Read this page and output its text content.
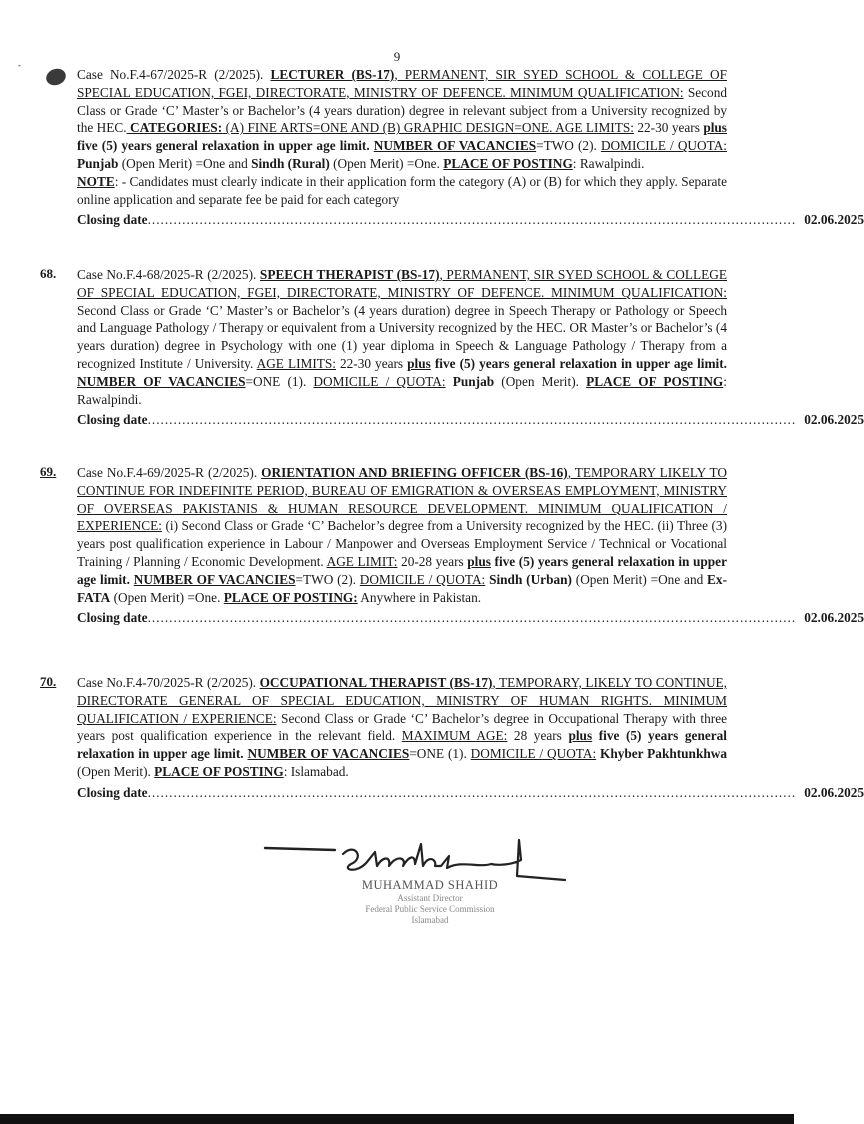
9
-
Case No.F.4-67/2025-R (2/2025). LECTURER (BS-17), PERMANENT, SIR SYED SCHOOL & COLLEGE OF SPECIAL EDUCATION, FGEI, DIRECTORATE, MINISTRY OF DEFENCE. MINIMUM QUALIFICATION: Second Class or Grade ‘C’ Master’s or Bachelor’s (4 years duration) degree in relevant subject from a University recognized by the HEC. CATEGORIES: (A) FINE ARTS=ONE AND (B) GRAPHIC DESIGN=ONE. AGE LIMITS: 22-30 years plus five (5) years general relaxation in upper age limit. NUMBER OF VACANCIES=TWO (2). DOMICILE / QUOTA: Punjab (Open Merit) =One and Sindh (Rural) (Open Merit) =One. PLACE OF POSTING: Rawalpindi.
NOTE: - Candidates must clearly indicate in their application form the category (A) or (B) for which they apply. Separate online application and separate fee be paid for each category
Closing date ...................................................................................................................................................... 02.06.2025
68.	Case No.F.4-68/2025-R (2/2025). SPEECH THERAPIST (BS-17), PERMANENT, SIR SYED SCHOOL & COLLEGE OF SPECIAL EDUCATION, FGEI, DIRECTORATE, MINISTRY OF DEFENCE. MINIMUM QUALIFICATION: Second Class or Grade ‘C’ Master’s or Bachelor’s (4 years duration) degree in Speech Therapy or Pathology or Speech and Language Pathology / Therapy or equivalent from a University recognized by the HEC. OR Master’s or Bachelor’s (4 years duration) degree in Psychology with one (1) year diploma in Speech & Language Pathology / Therapy from a recognized Institute / University. AGE LIMITS: 22-30 years plus five (5) years general relaxation in upper age limit. NUMBER OF VACANCIES=ONE (1). DOMICILE / QUOTA: Punjab (Open Merit). PLACE OF POSTING: Rawalpindi.
Closing date ...................................................................................................................................................... 02.06.2025
69.	Case No.F.4-69/2025-R (2/2025). ORIENTATION AND BRIEFING OFFICER (BS-16), TEMPORARY LIKELY TO CONTINUE FOR INDEFINITE PERIOD, BUREAU OF EMIGRATION & OVERSEAS EMPLOYMENT, MINISTRY OF OVERSEAS PAKISTANIS & HUMAN RESOURCE DEVELOPMENT. MINIMUM QUALIFICATION / EXPERIENCE: (i) Second Class or Grade ‘C’ Bachelor’s degree from a University recognized by the HEC. (ii) Three (3) years post qualification experience in Labour / Manpower and Overseas Employment Service / Technical or Vocational Training / Planning / Economic Development. AGE LIMIT: 20-28 years plus five (5) years general relaxation in upper age limit. NUMBER OF VACANCIES=TWO (2). DOMICILE / QUOTA: Sindh (Urban) (Open Merit) =One and Ex-FATA (Open Merit) =One. PLACE OF POSTING: Anywhere in Pakistan.
Closing date ...................................................................................................................................................... 02.06.2025
70.	Case No.F.4-70/2025-R (2/2025). OCCUPATIONAL THERAPIST (BS-17), TEMPORARY, LIKELY TO CONTINUE, DIRECTORATE GENERAL OF SPECIAL EDUCATION, MINISTRY OF HUMAN RIGHTS. MINIMUM QUALIFICATION / EXPERIENCE: Second Class or Grade ‘C’ Bachelor’s degree in Occupational Therapy with three years post qualification experience in the relevant field. MAXIMUM AGE: 28 years plus five (5) years general relaxation in upper age limit. NUMBER OF VACANCIES=ONE (1). DOMICILE / QUOTA: Khyber Pakhtunkhwa (Open Merit). PLACE OF POSTING: Islamabad.
Closing date ...................................................................................................................................................... 02.06.2025
MUHAMMAD SHAHID
Assistant Director
Federal Public Service Commission
Islamabad
